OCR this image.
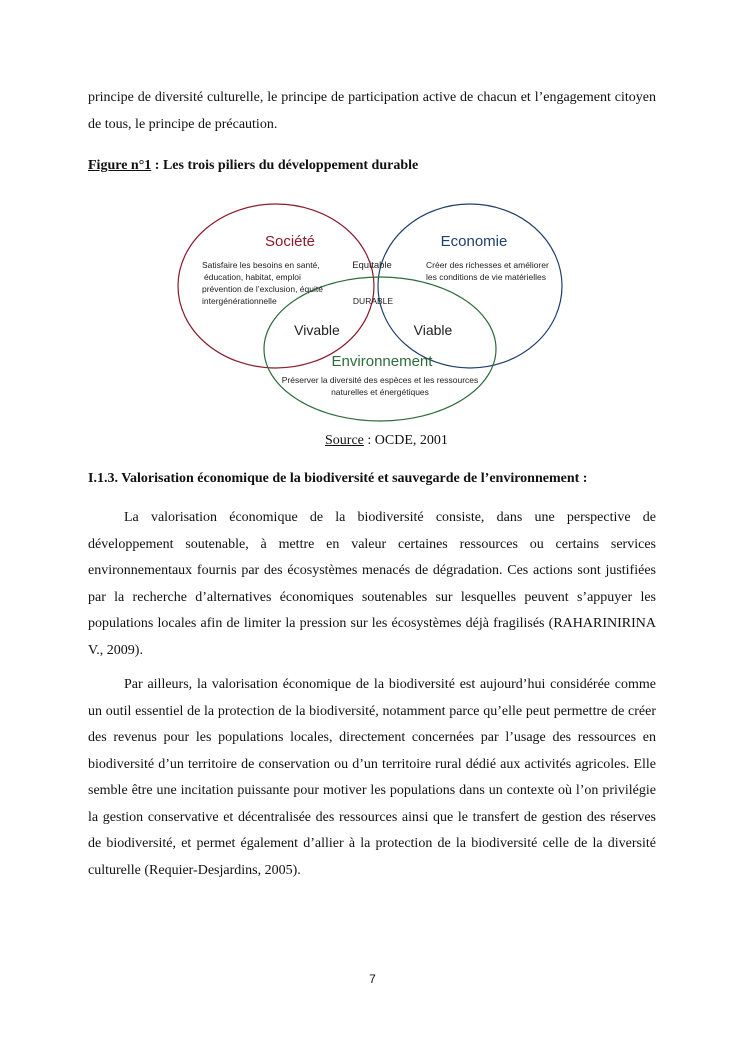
principe de diversité culturelle, le principe de participation active de chacun et l’engagement citoyen de tous, le principe de précaution.
Figure n°1 : Les trois piliers du développement durable
Société
Satisfaire les besoins en santé,
éducation, habitat, emploi
prévention de l’exclusion, équité
intergénérationnelle
Economie
Créer des richesses et améliorer
les conditions de vie matérielles
Equitable
DURABLE
Vivable	Viable
Environnement
Préserver la diversité des espèces et les ressources
naturelles et énergétiques
Source : OCDE, 2001
I.1.3. Valorisation économique de la biodiversité et sauvegarde de l’environnement :
La valorisation économique de la biodiversité consiste, dans une perspective de développement soutenable, à mettre en valeur certaines ressources ou certains services environnementaux fournis par des écosystèmes menacés de dégradation. Ces actions sont justifiées par la recherche d’alternatives économiques soutenables sur lesquelles peuvent s’appuyer les populations locales afin de limiter la pression sur les écosystèmes déjà fragilisés (RAHARINIRINA V., 2009).
Par ailleurs, la valorisation économique de la biodiversité est aujourd’hui considérée comme un outil essentiel de la protection de la biodiversité, notamment parce qu’elle peut permettre de créer des revenus pour les populations locales, directement concernées par l’usage des ressources en biodiversité d’un territoire de conservation ou d’un territoire rural dédié aux activités agricoles. Elle semble être une incitation puissante pour motiver les populations dans un contexte où l’on privilégie la gestion conservative et décentralisée des ressources ainsi que le transfert de gestion des réserves de biodiversité, et permet également d’allier à la protection de la biodiversité celle de la diversité culturelle (Requier-Desjardins, 2005).
7
